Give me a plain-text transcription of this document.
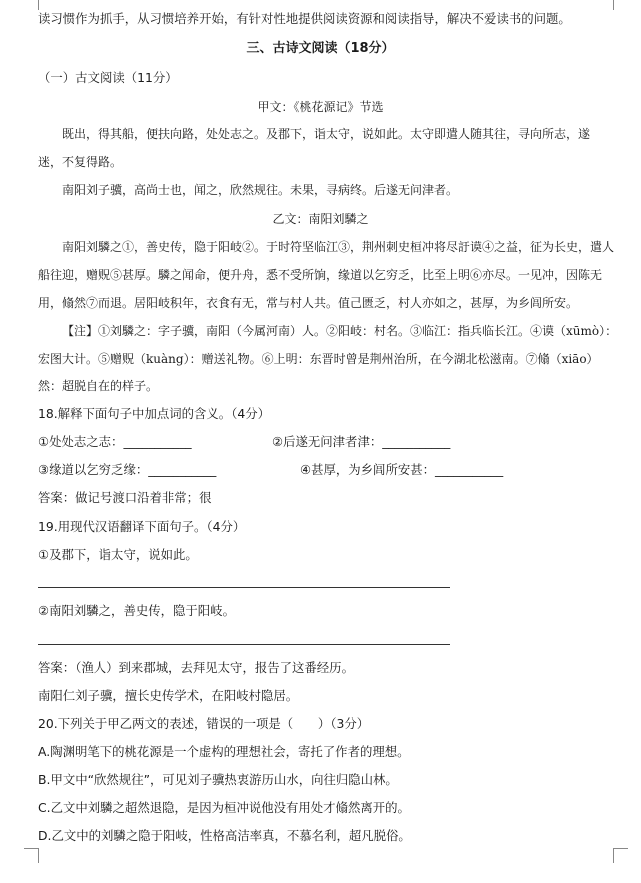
读习惯作为抓手，从习惯培养开始，有针对性地提供阅读资源和阅读指导，解决不爱读书的问题。
三、古诗文阅读（18分）
（一）古文阅读（11分）
甲文：《桃花源记》节选
既出，得其船，便扶向路，处处志之。及郡下，诣太守，说如此。太守即遣人随其往，寻向所志，遂
迷，不复得路。
南阳刘子骥，高尚士也，闻之，欣然规往。未果，寻病终。后遂无问津者。
乙文：南阳刘驎之
南阳刘驎之①，善史传，隐于阳岐②。于时符坚临江③，荆州刺史桓冲将尽訏谟④之益，征为长史，遣人
船往迎，赠贶⑤甚厚。驎之闻命，便升舟，悉不受所饷，缘道以乞穷乏，比至上明⑥亦尽。一见冲，因陈无
用，翛然⑦而退。居阳岐积年，衣食有无，常与村人共。值己匮乏，村人亦如之，甚厚，为乡闾所安。
【注】①刘驎之：字子骥，南阳（今属河南）人。②阳岐：村名。③临江：指兵临长江。④谟（xūmò）：
宏图大计。⑤赠贶（kuàng）：赠送礼物。⑥上明：东晋时曾是荆州治所，在今湖北松滋南。⑦翛（xiāo）
然：超脱自在的样子。
18.解释下面句子中加点词的含义。（4分）
①处处志之志：___________	②后遂无问津者津：___________
③缘道以乞穷乏缘：___________	④甚厚，为乡闾所安甚：___________
答案：做记号渡口沿着非常；很
19.用现代汉语翻译下面句子。（4分）
①及郡下，诣太守，说如此。
②南阳刘驎之，善史传，隐于阳岐。
答案：（渔人）到来郡城，去拜见太守，报告了这番经历。
南阳仁刘子骥，擅长史传学术，在阳岐村隐居。
20.下列关于甲乙两文的表述，错误的一项是（　　）（3分）
A.陶渊明笔下的桃花源是一个虚构的理想社会，寄托了作者的理想。
B.甲文中“欣然规往”，可见刘子骥热衷游历山水，向往归隐山林。
C.乙文中刘驎之超然退隐，是因为桓冲说他没有用处才翛然离开的。
D.乙文中的刘驎之隐于阳岐，性格高洁率真，不慕名利，超凡脱俗。
